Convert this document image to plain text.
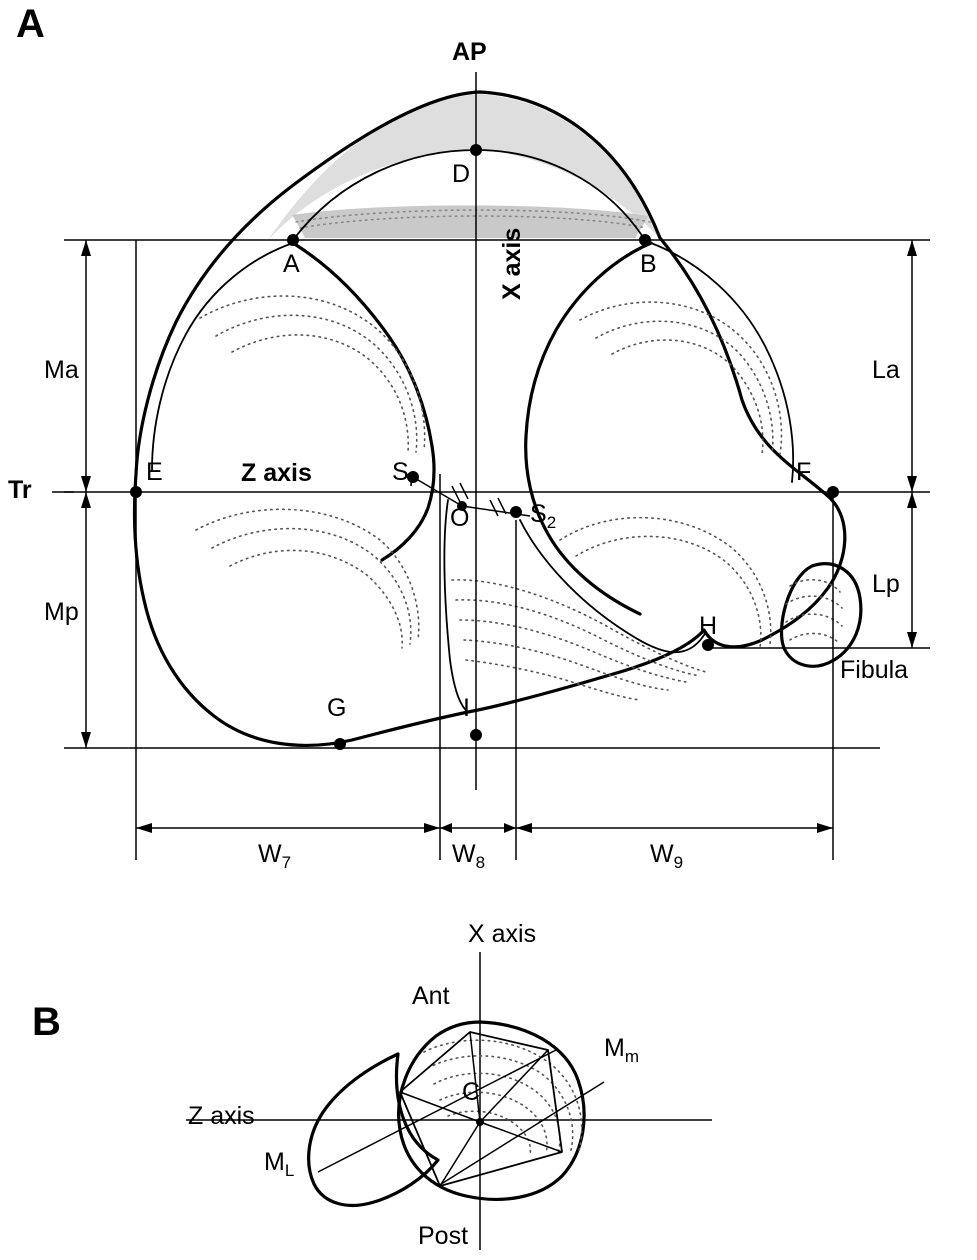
A
B
AP
X axis
Z axis
Tr
A	B
D
E	F
G
H
I
O
SI
S2
Ma
Mp
La
Lp
W7	W8	W9
Fibula
X axis
Z axis
Ant
Post
C
Mm
ML
